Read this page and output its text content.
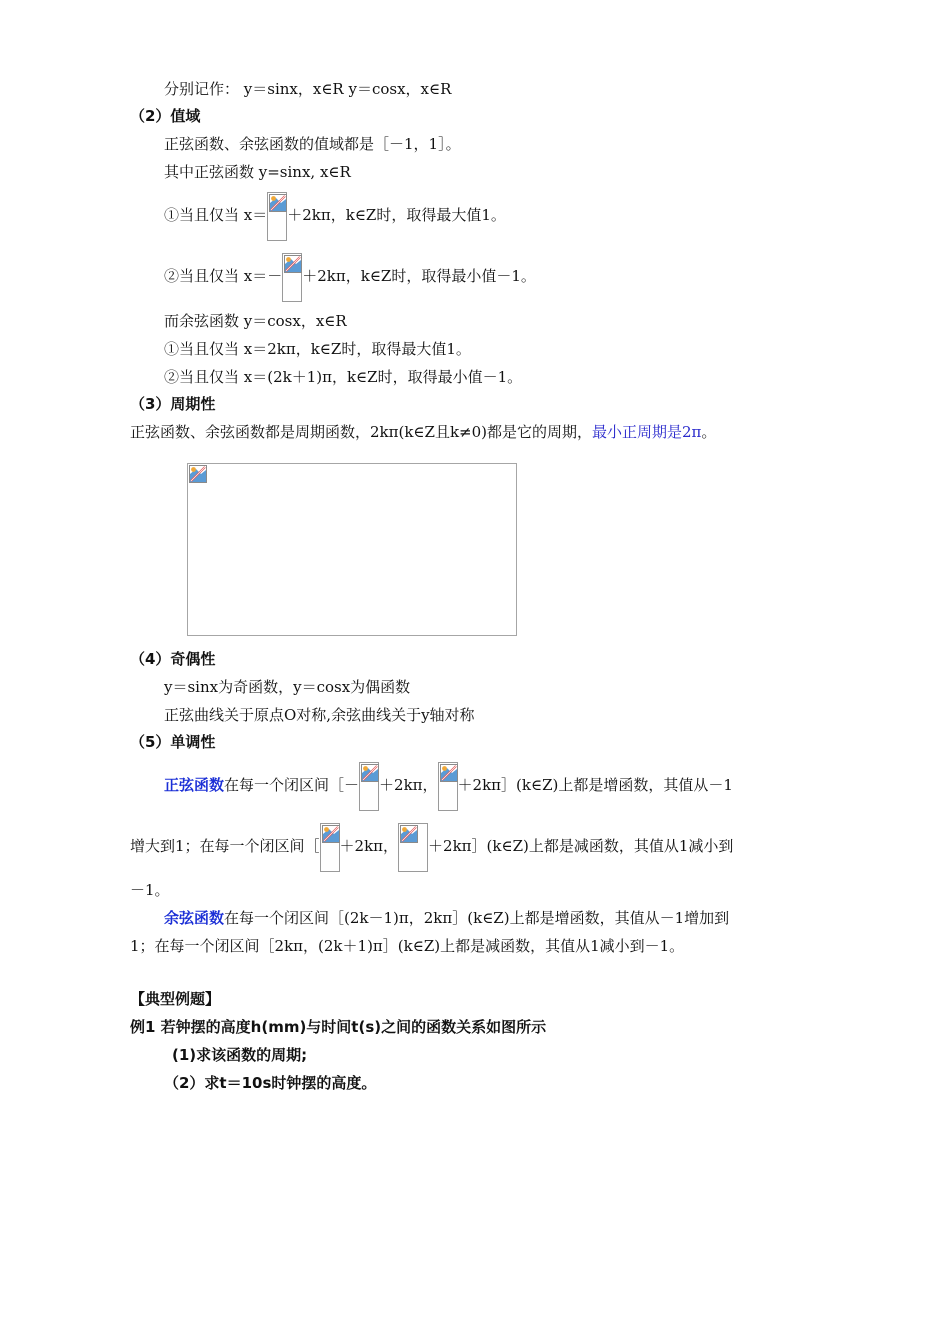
分别记作： y＝sinx，x∈R y＝cosx，x∈R
（2）值域
正弦函数、余弦函数的值域都是［－1，1］。
其中正弦函数 y=sinx, x∈R
①当且仅当 x＝ ＋2kπ，k∈Z时，取得最大值1。
②当且仅当 x＝－ ＋2kπ，k∈Z时，取得最小值－1。
而余弦函数 y＝cosx，x∈R
①当且仅当 x＝2kπ，k∈Z时，取得最大值1。
②当且仅当 x＝(2k＋1)π，k∈Z时，取得最小值－1。
（3）周期性
正弦函数、余弦函数都是周期函数，2kπ(k∈Z且k≠0)都是它的周期，最小正周期是2π。
（4）奇偶性
y＝sinx为奇函数，y＝cosx为偶函数
正弦曲线关于原点O对称,余弦曲线关于y轴对称
（5）单调性
正弦函数在每一个闭区间［－ ＋2kπ， ＋2kπ］(k∈Z)上都是增函数，其值从－1
增大到1；在每一个闭区间［ ＋2kπ， ＋2kπ］(k∈Z)上都是减函数，其值从1减小到
－1。
余弦函数在每一个闭区间［(2k－1)π，2kπ］(k∈Z)上都是增函数，其值从－1增加到
1；在每一个闭区间［2kπ，(2k＋1)π］(k∈Z)上都是减函数，其值从1减小到－1。
【典型例题】
例1 若钟摆的高度h(mm)与时间t(s)之间的函数关系如图所示
(1)求该函数的周期;
（2）求t＝10s时钟摆的高度。
